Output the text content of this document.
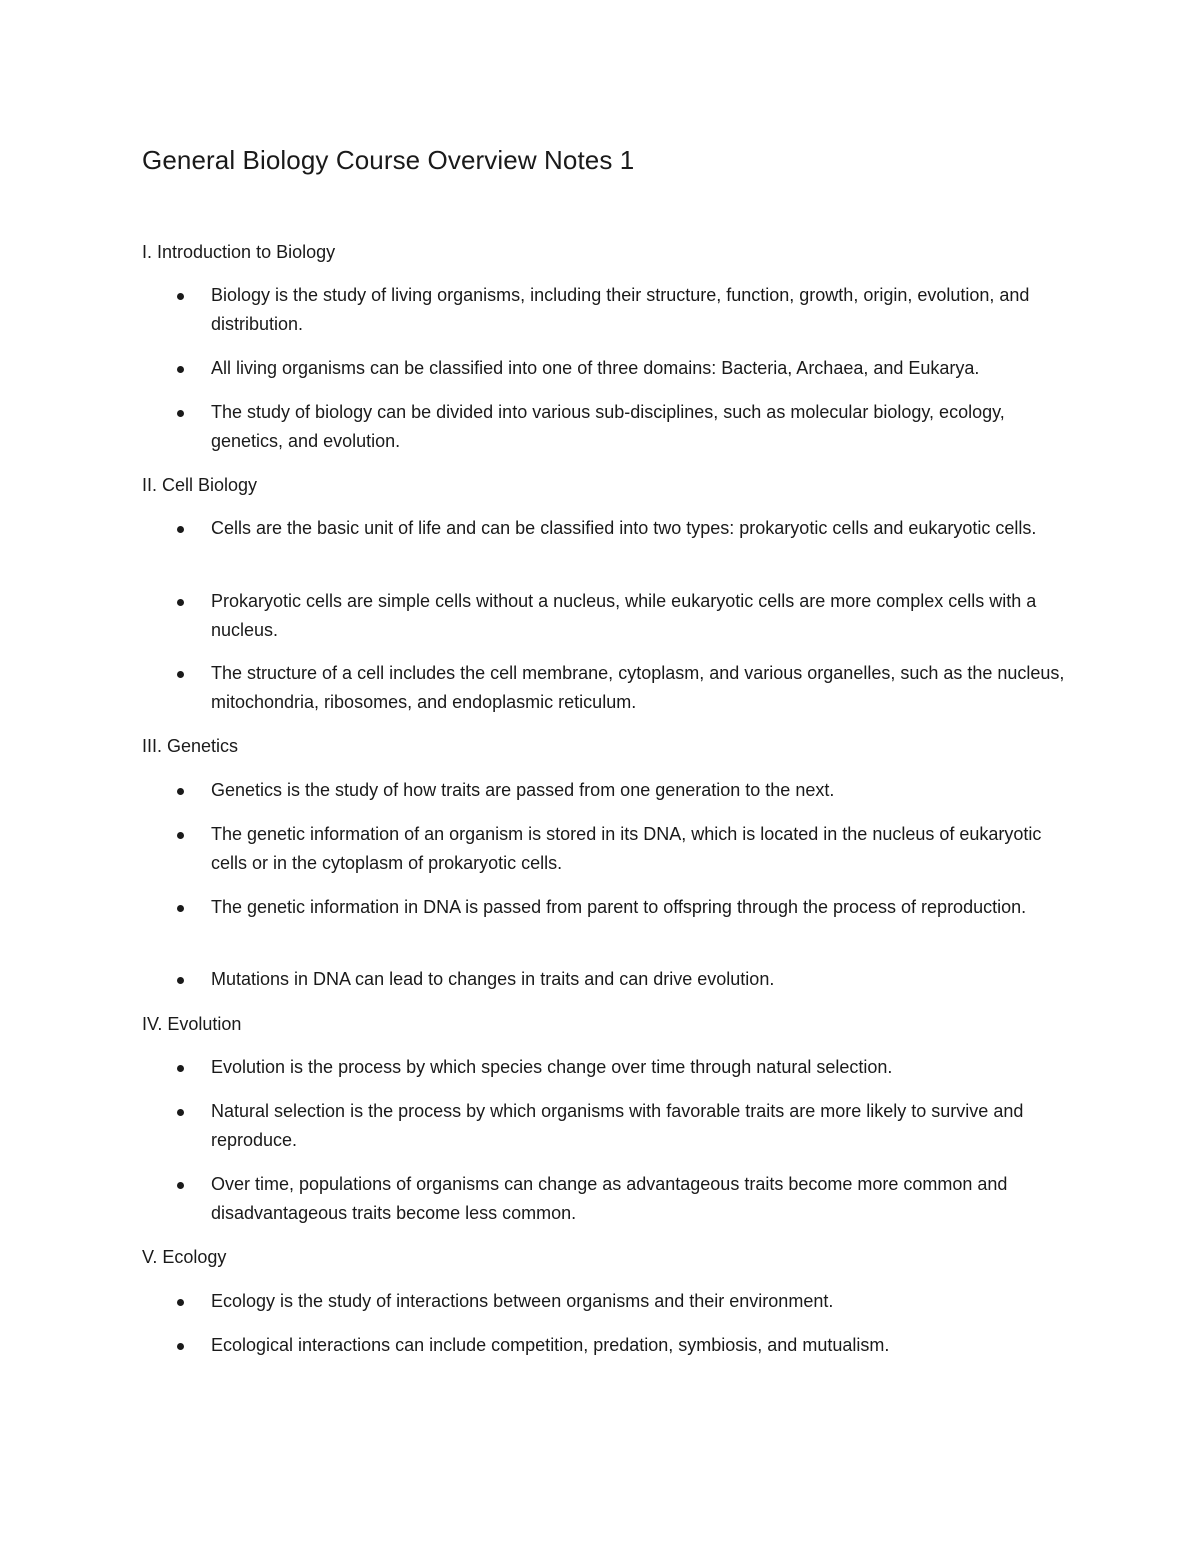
General Biology Course Overview Notes 1

I. Introduction to Biology

Biology is the study of living organisms, including their structure, function, growth, origin, evolution, and distribution.

All living organisms can be classified into one of three domains: Bacteria, Archaea, and Eukarya.

The study of biology can be divided into various sub-disciplines, such as molecular biology, ecology, genetics, and evolution.

II. Cell Biology

Cells are the basic unit of life and can be classified into two types: prokaryotic cells and eukaryotic cells.

Prokaryotic cells are simple cells without a nucleus, while eukaryotic cells are more complex cells with a nucleus.

The structure of a cell includes the cell membrane, cytoplasm, and various organelles, such as the nucleus, mitochondria, ribosomes, and endoplasmic reticulum.

III. Genetics

Genetics is the study of how traits are passed from one generation to the next.

The genetic information of an organism is stored in its DNA, which is located in the nucleus of eukaryotic cells or in the cytoplasm of prokaryotic cells.

The genetic information in DNA is passed from parent to offspring through the process of reproduction.

Mutations in DNA can lead to changes in traits and can drive evolution.

IV. Evolution

Evolution is the process by which species change over time through natural selection.

Natural selection is the process by which organisms with favorable traits are more likely to survive and reproduce.

Over time, populations of organisms can change as advantageous traits become more common and disadvantageous traits become less common.

V. Ecology

Ecology is the study of interactions between organisms and their environment.

Ecological interactions can include competition, predation, symbiosis, and mutualism.
